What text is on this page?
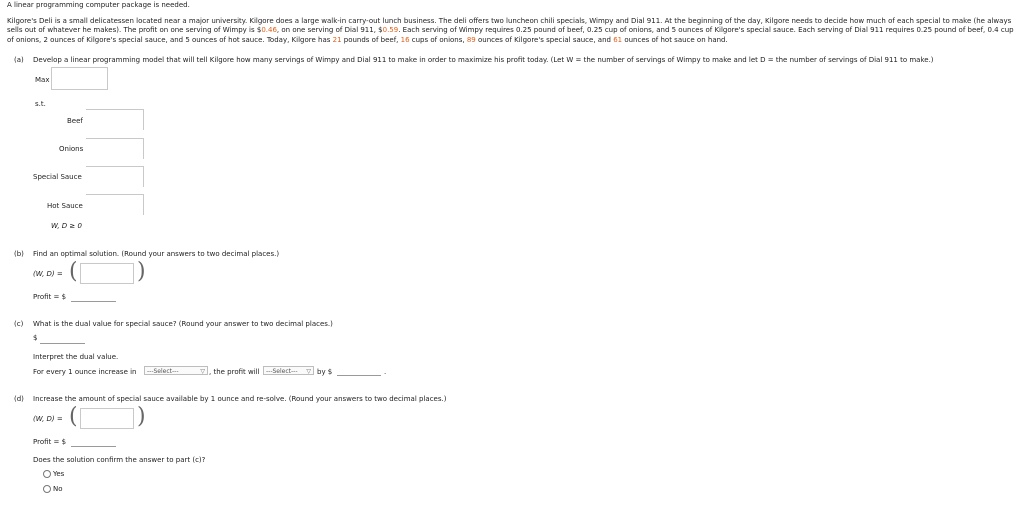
A linear programming computer package is needed.
Kilgore's Deli is a small delicatessen located near a major university. Kilgore does a large walk-in carry-out lunch business. The deli offers two luncheon chili specials, Wimpy and Dial 911. At the beginning of the day, Kilgore needs to decide how much of each special to make (he always sells out of whatever he makes). The profit on one serving of Wimpy is $0.46, on one serving of Dial 911, $0.59. Each serving of Wimpy requires 0.25 pound of beef, 0.25 cup of onions, and 5 ounces of Kilgore's special sauce. Each serving of Dial 911 requires 0.25 pound of beef, 0.4 cup of onions, 2 ounces of Kilgore's special sauce, and 5 ounces of hot sauce. Today, Kilgore has 21 pounds of beef, 16 cups of onions, 89 ounces of Kilgore's special sauce, and 61 ounces of hot sauce on hand.
(a) Develop a linear programming model that will tell Kilgore how many servings of Wimpy and Dial 911 to make in order to maximize his profit today. (Let W = the number of servings of Wimpy to make and let D = the number of servings of Dial 911 to make.)
Max
s.t.
Beef
Onions
Special Sauce
Hot Sauce
W, D ≥ 0
(b) Find an optimal solution. (Round your answers to two decimal places.)
(W, D) = (	)
Profit = $
(c) What is the dual value for special sauce? (Round your answer to two decimal places.)
$
Interpret the dual value.
For every 1 ounce increase in	---Select---	▽ , the profit will	---Select--- ▽ by $	.
(d) Increase the amount of special sauce available by 1 ounce and re-solve. (Round your answers to two decimal places.)
(W, D) = (	)
Profit = $
Does the solution confirm the answer to part (c)?
Yes
No
